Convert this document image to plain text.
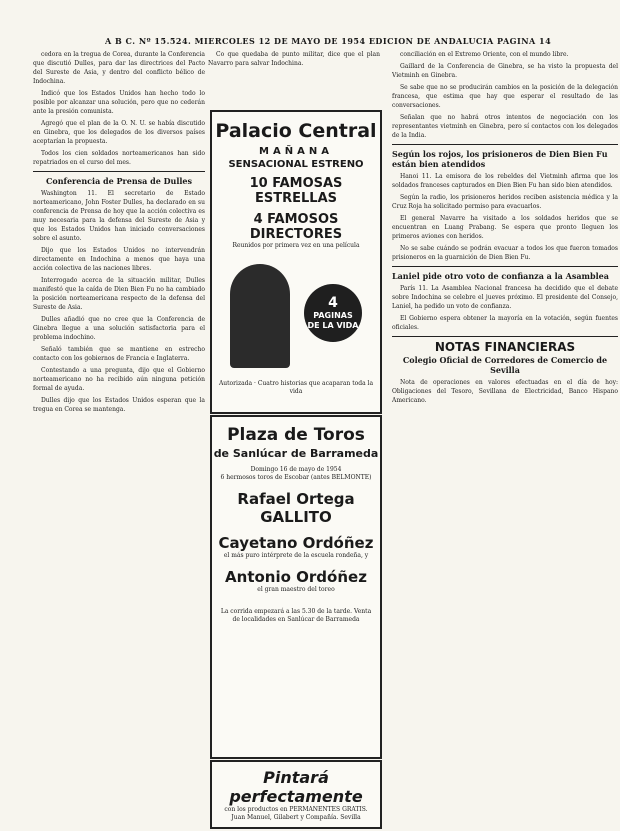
A B C. Nº 15.524. MIERCOLES 12 DE MAYO DE 1954 EDICION DE ANDALUCIA PAGINA 14

cedora en la tregua de Corea, durante la Conferencia que discutió Dulles, para dar las directrices del Pacto del Sureste de Asia, y dentro del conflicto bélico de Indochina.

Indicó que los Estados Unidos han hecho todo lo posible por alcanzar una solución, pero que no cederán ante la presión comunista.

Agregó que el plan de la O. N. U. se había discutido en Ginebra, que los delegados de los diversos países aceptarían la propuesta.

Todos los cien soldados norteamericanos han sido repatriados en el curso del mes.

Conferencia de Prensa de Dulles

Washington 11. El secretario de Estado norteamericano, John Foster Dulles, ha declarado en su conferencia de Prensa de hoy que la acción colectiva es muy necesaria para la defensa del Sureste de Asia y que los Estados Unidos han iniciado conversaciones sobre el asunto.

Dijo que los Estados Unidos no intervendrán directamente en Indochina a menos que haya una acción colectiva de las naciones libres.

Interrogado acerca de la situación militar, Dulles manifestó que la caída de Dien Bien Fu no ha cambiado la posición norteamericana respecto de la defensa del Sureste de Asia.

Dulles añadió que no cree que la Conferencia de Ginebra llegue a una solución satisfactoria para el problema indochino.

Señaló también que se mantiene en estrecho contacto con los gobiernos de Francia e Inglaterra.

Contestando a una pregunta, dijo que el Gobierno norteamericano no ha recibido aún ninguna petición formal de ayuda.

Dulles dijo que los Estados Unidos esperan que la tregua en Corea se mantenga.

Co que quedaba de punto militar, dice que el plan Navarro para salvar Indochina.

Palacio Central
MAÑANA
SENSACIONAL ESTRENO
10 FAMOSAS ESTRELLAS
4 FAMOSOS DIRECTORES
Reunidos por primera vez en una película
4
PAGINAS
DE LA VIDA
Autorizada · Cuatro historias que acaparan toda la vida
Plaza de Toros
de Sanlúcar de Barrameda
Domingo 16 de mayo de 1954
6 hermosos toros de Escobar (antes BELMONTE)
Rafael Ortega GALLITO
Cayetano Ordóñez
el más puro intérprete de la escuela rondeña, y
Antonio Ordóñez
el gran maestro del toreo
La corrida empezará a las 5.30 de la tarde. Venta de localidades en Sanlúcar de Barrameda
Pintará perfectamente
con los productos en PERMANENTES GRATIS. Juan Manuel, Gilabert y Compañía. Sevilla

conciliación en el Extremo Oriente, con el mundo libre.

Gaillard de la Conferencia de Ginebra, se ha visto la propuesta del Vietminh en Ginebra.

Se sabe que no se producirán cambios en la posición de la delegación francesa, que estima que hay que esperar el resultado de las conversaciones.

Señalan que no habrá otros intentos de negociación con los representantes vietminh en Ginebra, pero sí contactos con los delegados de la India.

Según los rojos, los prisioneros de Dien Bien Fu están bien atendidos

Hanoi 11. La emisora de los rebeldes del Vietminh afirma que los soldados franceses capturados en Dien Bien Fu han sido bien atendidos.

Según la radio, los prisioneros heridos reciben asistencia médica y la Cruz Roja ha solicitado permiso para evacuarlos.

El general Navarre ha visitado a los soldados heridos que se encuentran en Luang Prabang. Se espera que pronto lleguen los primeros aviones con heridos.

No se sabe cuándo se podrán evacuar a todos los que fueron tomados prisioneros en la guarnición de Dien Bien Fu.

Laniel pide otro voto de confianza a la Asamblea

París 11. La Asamblea Nacional francesa ha decidido que el debate sobre Indochina se celebre el jueves próximo. El presidente del Consejo, Laniel, ha pedido un voto de confianza.

El Gobierno espera obtener la mayoría en la votación, según fuentes oficiales.

NOTAS FINANCIERAS

Colegio Oficial de Corredores de Comercio de Sevilla

Nota de operaciones en valores efectuadas en el día de hoy: Obligaciones del Tesoro, Sevillana de Electricidad, Banco Hispano Americano.
